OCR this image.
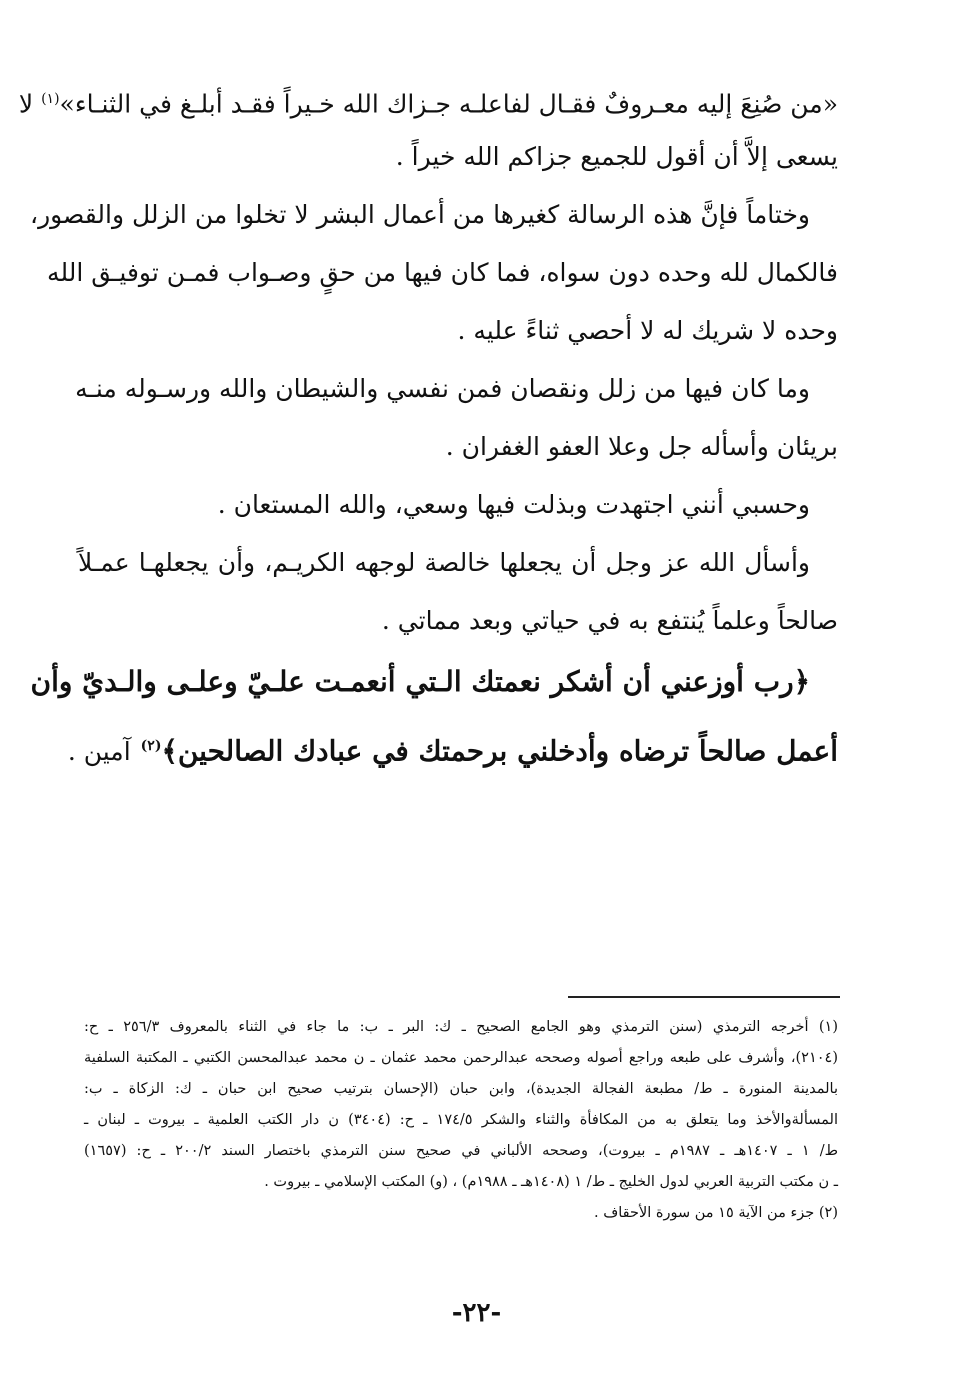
«من صُنِعَ إليه معـروفٌ فقـال لفاعلـه جـزاك الله خـيراً فقـد أبلـغ في الثنـاء»$^{(١)}$ لا
يسعى إلاَّ أن أقول للجميع جزاكم الله خيراً .
وختاماً فإنَّ هذه الرسالة كغيرها من أعمال البشر لا تخلوا من الزلل والقصور،
فالكمال لله وحده دون سواه، فما كان فيها من حقٍ وصـواب فمـن توفيـق الله
وحده لا شريك له لا أحصي ثناءً عليه .
وما كان فيها من زلل ونقصان فمن نفسي والشيطان والله ورسـوله منـه
بريئان وأسأله جل وعلا العفو الغفران .
وحسبي أنني اجتهدت وبذلت فيها وسعي، والله المستعان .
وأسأل الله عز وجل أن يجعلها خالصة لوجهه الكريـم، وأن يجعلهـا عمـلاً
صالحاً وعلماً يُنتفع به في حياتي وبعد مماتي .
﴿رب أوزعني أن أشكر نعمتك الـتي أنعمـت علـيّ وعلـى والـديّ وأن
أعمل صالحاً ترضاه وأدخلني برحمتك في عبادك الصالحين﴾$^{(٢)}$آمين .
(١) أخرجه الترمذي (سنن الترمذي وهو الجامع الصحيح ـ ك: البر ـ ب: ما جاء في الثناء بالمعروف ٢٥٦/٣ ـ ح:
(٢١٠٤)، وأشرف على طبعه وراجع أصوله وصححه عبدالرحمن محمد عثمان ـ ن محمد عبدالمحسن الكتبي ـ المكتبة السلفية
بالمدينة المنورة ـ ط/ مطبعة الفجالة الجديدة)، وابن حبان (الإحسان بترتيب صحيح ابن حبان ـ ك: الزكاة ـ ب:
المسألةوالأخذ وما يتعلق به من المكافأة والثناء والشكر ١٧٤/٥ ـ ح: (٣٤٠٤) ن دار الكتب العلمية ـ بيروت ـ لبنان ـ
ط/ ١ ـ ١٤٠٧هـ ـ ١٩٨٧م ـ بيروت)، وصححه الألباني في صحيح سنن الترمذي باختصار السند ٢٠٠/٢ ـ ح: (١٦٥٧)
ـ ن مكتب التربية العربي لدول الخليج ـ ط/ ١ (١٤٠٨هـ ـ ١٩٨٨م) ، (و) المكتب الإسلامي ـ بيروت .
(٢) جزء من الآية ١٥ من سورة الأحقاف .
-٢٢-
